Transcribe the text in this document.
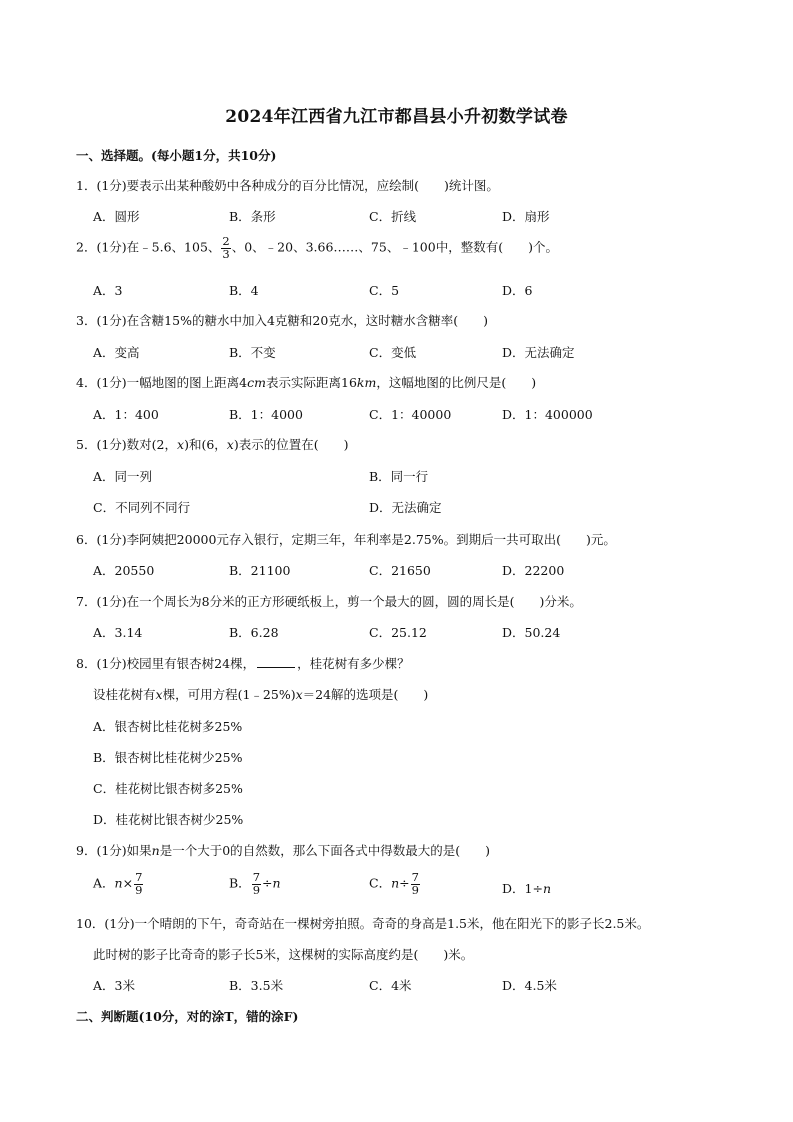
2024年江西省九江市都昌县小升初数学试卷
一、选择题。(每小题1分，共10分)
1．(1分)要表示出某种酸奶中各种成分的百分比情况，应绘制(　　)统计图。
A．圆形	B．条形	C．折线	D．扇形
2．(1分)在﹣5.6、105、 $\frac{2}{3}$ 、0、﹣20、3.66……、75、﹣100中，整数有(　　)个。
A．3	B．4	C．5	D．6
3．(1分)在含糖15%的糖水中加入4克糖和20克水，这时糖水含糖率(　　)
A．变高	B．不变	C．变低	D．无法确定
4．(1分)一幅地图的图上距离4cm表示实际距离16km，这幅地图的比例尺是(　　)
A．1：400	B．1：4000	C．1：40000	D．1：400000
5．(1分)数对(2，x)和(6，x)表示的位置在(　　)
A．同一列	B．同一行
C．不同列不同行	D．无法确定
6．(1分)李阿姨把20000元存入银行，定期三年，年利率是2.75%。到期后一共可取出(　　)元。
A．20550	B．21100	C．21650	D．22200
7．(1分)在一个周长为8分米的正方形硬纸板上，剪一个最大的圆，圆的周长是(　　)分米。
A．3.14	B．6.28	C．25.12	D．50.24
8．(1分)校园里有银杏树24棵，	，桂花树有多少棵？
设桂花树有x棵，可用方程(1﹣25%)x＝24解的选项是(　　)
A．银杏树比桂花树多25%
B．银杏树比桂花树少25%
C．桂花树比银杏树多25%
D．桂花树比银杏树少25%
9．(1分)如果n是一个大于0的自然数，那么下面各式中得数最大的是(　　)
A．$n\times \frac{7}{9}$	B． $\frac{7}{9} \div n$	C．$n\div \frac{7}{9}$	D．1÷n
10．(1分)一个晴朗的下午，奇奇站在一棵树旁拍照。奇奇的身高是1.5米，他在阳光下的影子长2.5米。
此时树的影子比奇奇的影子长5米，这棵树的实际高度约是(　　)米。
A．3米	B．3.5米	C．4米	D．4.5米
二、判断题(10分，对的涂T，错的涂F)
